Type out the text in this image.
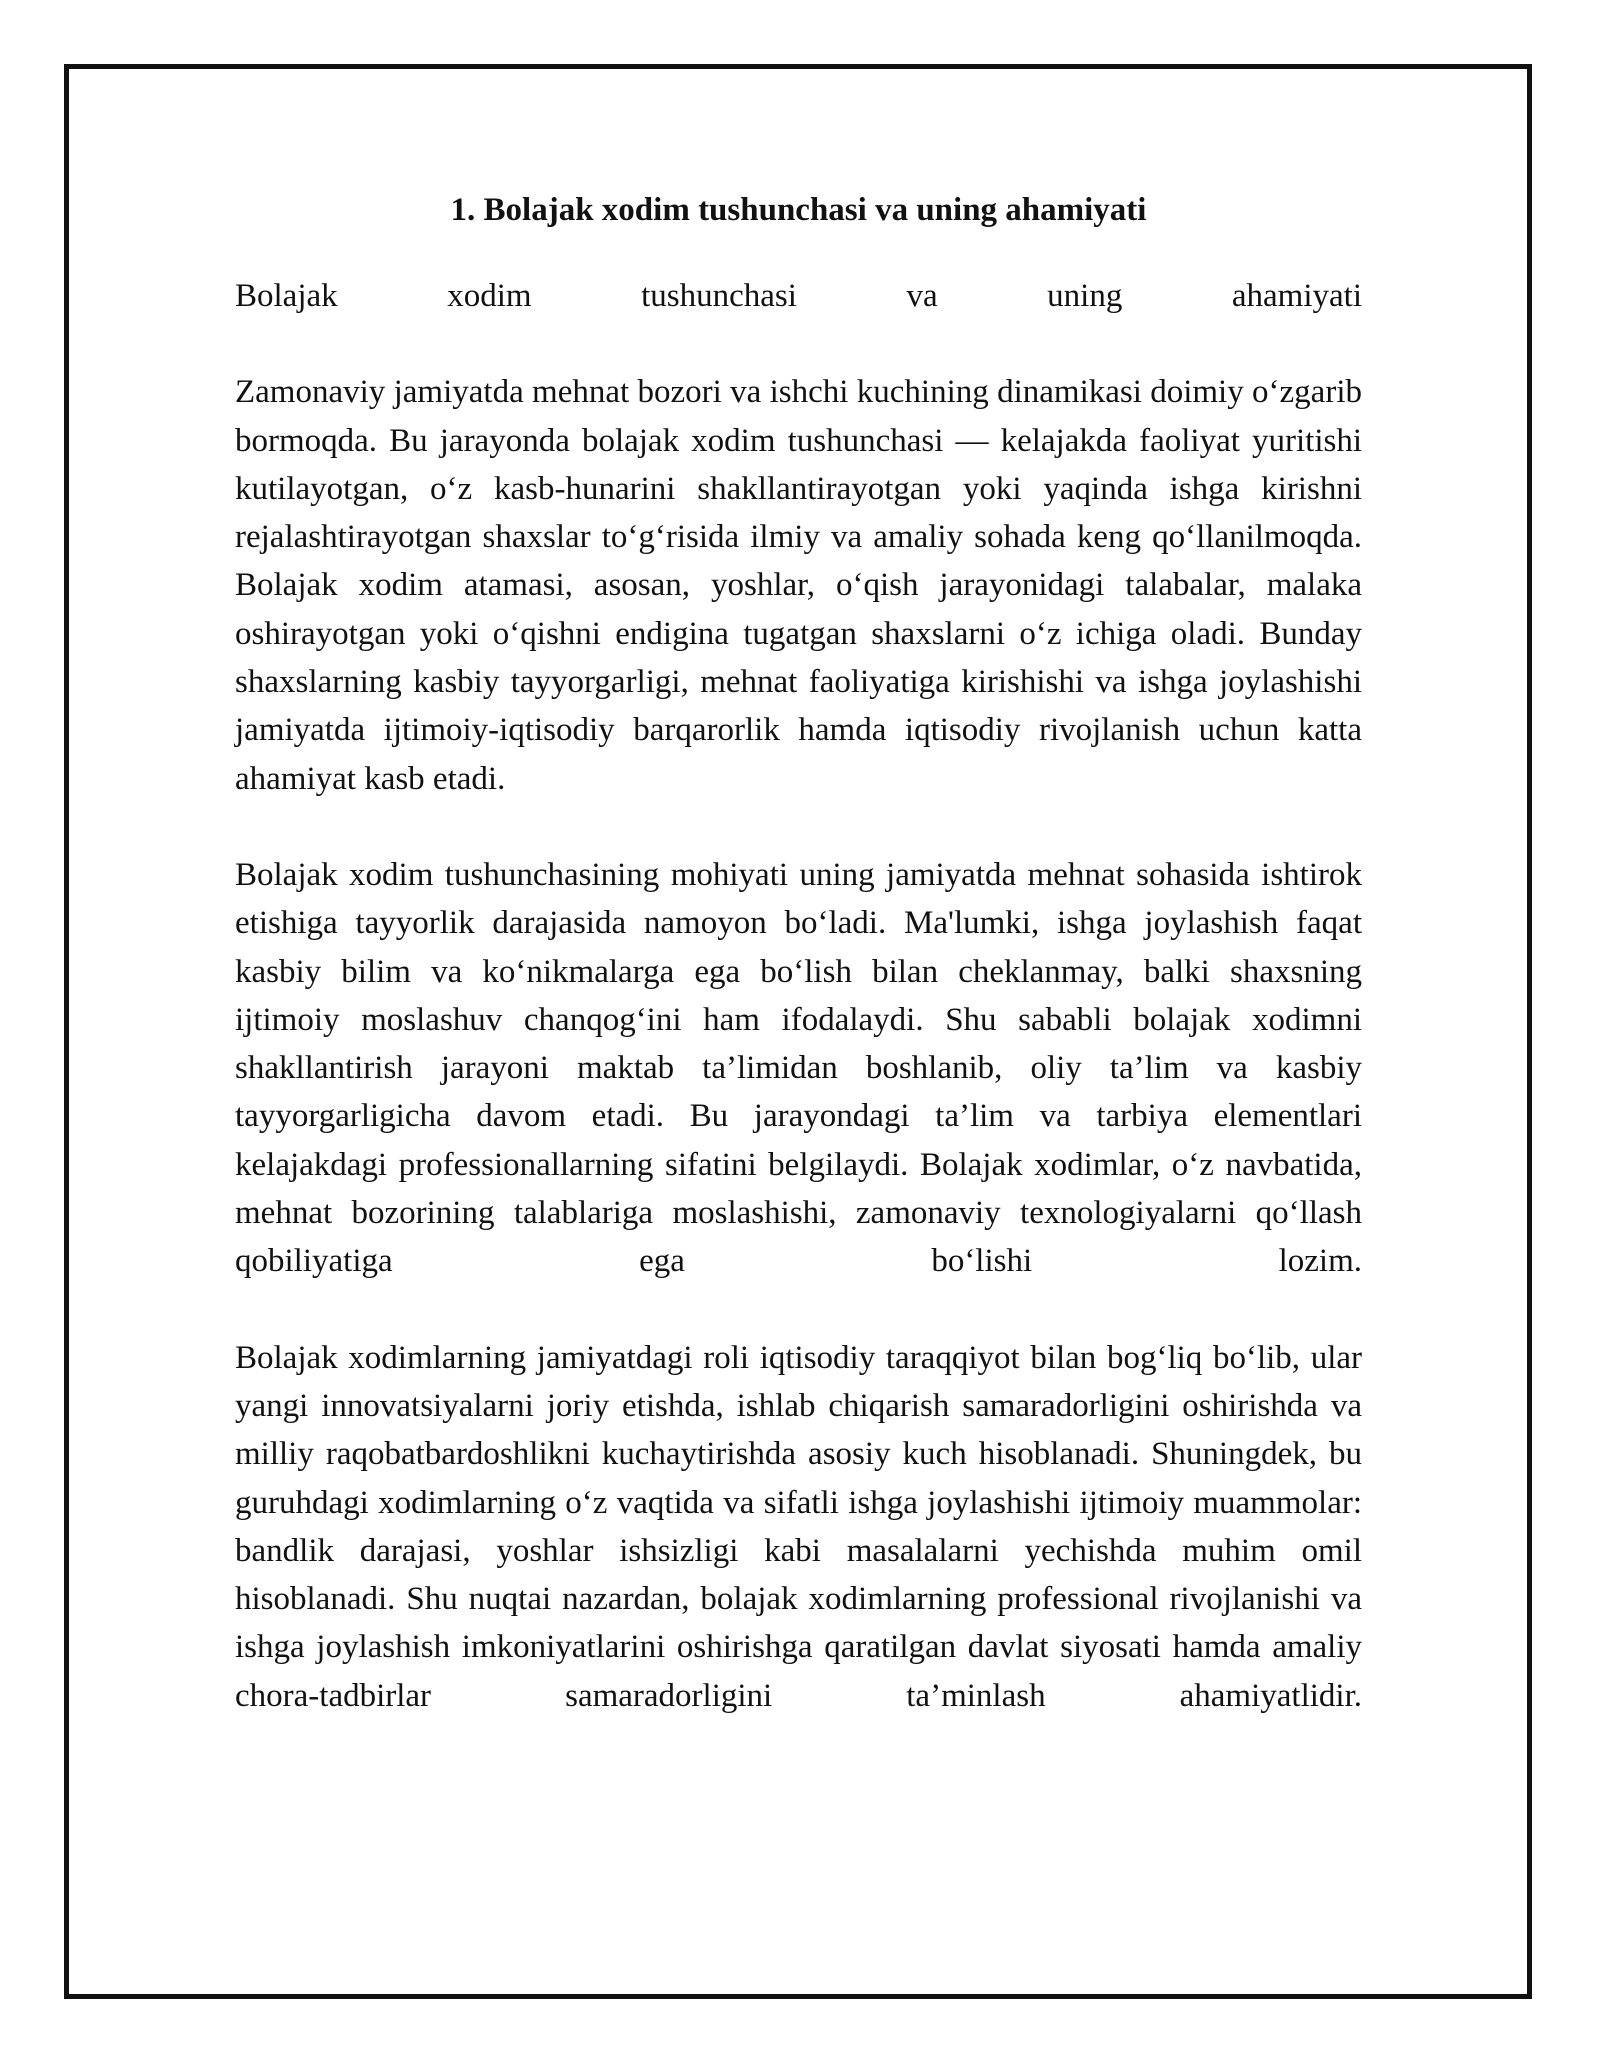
1. Bolajak xodim tushunchasi va uning ahamiyati

Bolajak xodim tushunchasi va uning ahamiyati

Zamonaviy jamiyatda mehnat bozori va ishchi kuchining dinamikasi doimiy o‘zgarib bormoqda. Bu jarayonda bolajak xodim tushunchasi — kelajakda faoliyat yuritishi kutilayotgan, o‘z kasb-hunarini shakllantirayotgan yoki yaqinda ishga kirishni rejalashtirayotgan shaxslar to‘g‘risida ilmiy va amaliy sohada keng qo‘llanilmoqda. Bolajak xodim atamasi, asosan, yoshlar, o‘qish jarayonidagi talabalar, malaka oshirayotgan yoki o‘qishni endigina tugatgan shaxslarni o‘z ichiga oladi. Bunday shaxslarning kasbiy tayyorgarligi, mehnat faoliyatiga kirishishi va ishga joylashishi jamiyatda ijtimoiy-iqtisodiy barqarorlik hamda iqtisodiy rivojlanish uchun katta ahamiyat kasb etadi.

Bolajak xodim tushunchasining mohiyati uning jamiyatda mehnat sohasida ishtirok etishiga tayyorlik darajasida namoyon bo‘ladi. Ma'lumki, ishga joylashish faqat kasbiy bilim va ko‘nikmalarga ega bo‘lish bilan cheklanmay, balki shaxsning ijtimoiy moslashuv chanqog‘ini ham ifodalaydi. Shu sababli bolajak xodimni shakllantirish jarayoni maktab ta’limidan boshlanib, oliy ta’lim va kasbiy tayyorgarligicha davom etadi. Bu jarayondagi ta’lim va tarbiya elementlari kelajakdagi professionallarning sifatini belgilaydi. Bolajak xodimlar, o‘z navbatida, mehnat bozorining talablariga moslashishi, zamonaviy texnologiyalarni qo‘llash qobiliyatiga ega bo‘lishi lozim.

Bolajak xodimlarning jamiyatdagi roli iqtisodiy taraqqiyot bilan bog‘liq bo‘lib, ular yangi innovatsiyalarni joriy etishda, ishlab chiqarish samaradorligini oshirishda va milliy raqobatbardoshlikni kuchaytirishda asosiy kuch hisoblanadi. Shuningdek, bu guruhdagi xodimlarning o‘z vaqtida va sifatli ishga joylashishi ijtimoiy muammolar: bandlik darajasi, yoshlar ishsizligi kabi masalalarni yechishda muhim omil hisoblanadi. Shu nuqtai nazardan, bolajak xodimlarning professional rivojlanishi va ishga joylashish imkoniyatlarini oshirishga qaratilgan davlat siyosati hamda amaliy chora-tadbirlar samaradorligini ta’minlash ahamiyatlidir.
